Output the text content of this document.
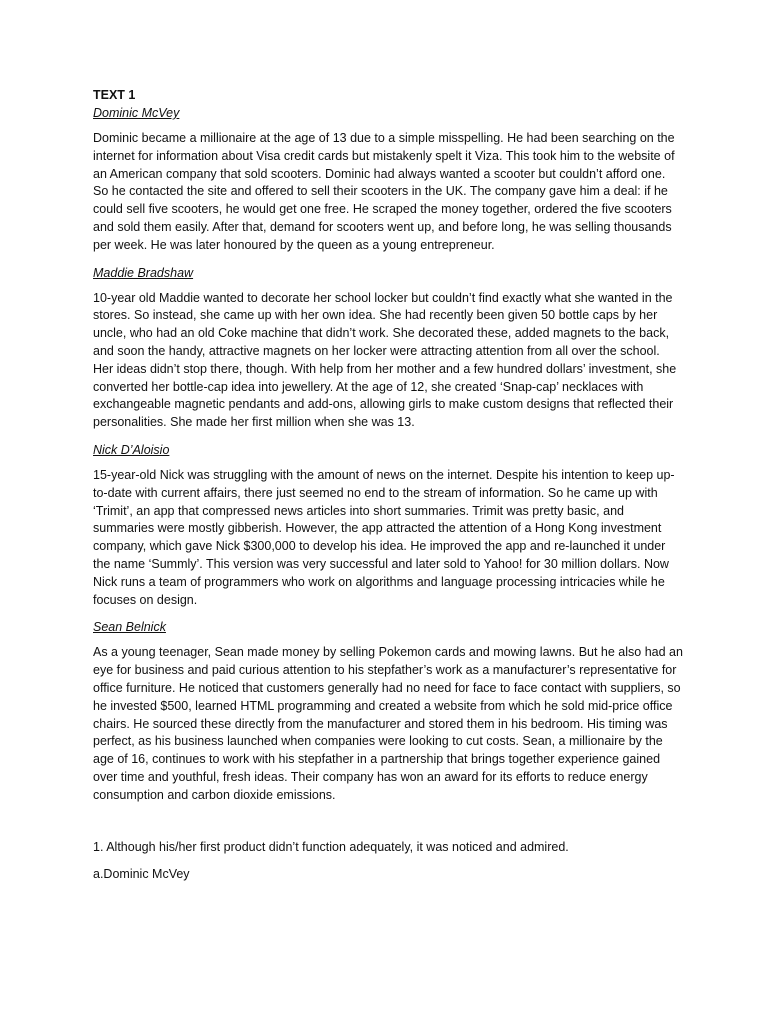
TEXT 1

Dominic McVey

Dominic became a millionaire at the age of 13 due to a simple misspelling. He had been searching on the internet for information about Visa credit cards but mistakenly spelt it Viza. This took him to the website of an American company that sold scooters. Dominic had always wanted a scooter but couldn’t afford one. So he contacted the site and offered to sell their scooters in the UK. The company gave him a deal: if he could sell five scooters, he would get one free. He scraped the money together, ordered the five scooters and sold them easily. After that, demand for scooters went up, and before long, he was selling thousands per week. He was later honoured by the queen as a young entrepreneur.

Maddie Bradshaw

10-year old Maddie wanted to decorate her school locker but couldn’t find exactly what she wanted in the stores. So instead, she came up with her own idea. She had recently been given 50 bottle caps by her uncle, who had an old Coke machine that didn’t work. She decorated these, added magnets to the back, and soon the handy, attractive magnets on her locker were attracting attention from all over the school. Her ideas didn’t stop there, though. With help from her mother and a few hundred dollars’ investment, she converted her bottle-cap idea into jewellery. At the age of 12, she created ‘Snap-cap’ necklaces with exchangeable magnetic pendants and add-ons, allowing girls to make custom designs that reflected their personalities. She made her first million when she was 13.

Nick D’Aloisio

15-year-old Nick was struggling with the amount of news on the internet. Despite his intention to keep up-to-date with current affairs, there just seemed no end to the stream of information. So he came up with ‘Trimit’, an app that compressed news articles into short summaries. Trimit was pretty basic, and summaries were mostly gibberish. However, the app attracted the attention of a Hong Kong investment company, which gave Nick $300,000 to develop his idea. He improved the app and re-launched it under the name ‘Summly’. This version was very successful and later sold to Yahoo! for 30 million dollars. Now Nick runs a team of programmers who work on algorithms and language processing intricacies while he focuses on design.

Sean Belnick

As a young teenager, Sean made money by selling Pokemon cards and mowing lawns. But he also had an eye for business and paid curious attention to his stepfather’s work as a manufacturer’s representative for office furniture. He noticed that customers generally had no need for face to face contact with suppliers, so he invested $500, learned HTML programming and created a website from which he sold mid-price office chairs. He sourced these directly from the manufacturer and stored them in his bedroom. His timing was perfect, as his business launched when companies were looking to cut costs. Sean, a millionaire by the age of 16, continues to work with his stepfather in a partnership that brings together experience gained over time and youthful, fresh ideas. Their company has won an award for its efforts to reduce energy consumption and carbon dioxide emissions.

1. Although his/her first product didn’t function adequately, it was noticed and admired.
a.Dominic McVey
